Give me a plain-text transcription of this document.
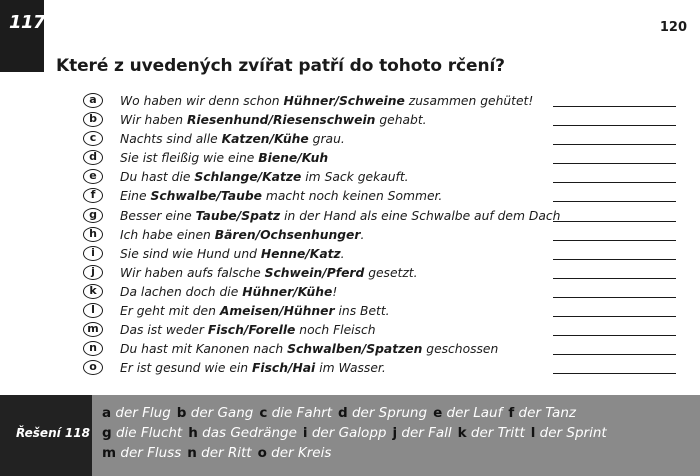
117	120
Které z uvedených zvířat patří do tohoto rčení?
a	Wo haben wir denn schon Hühner/Schweine zusammen gehütet!
b	Wir haben Riesenhund/Riesenschwein gehabt.
c	Nachts sind alle Katzen/Kühe grau.
d	Sie ist fleißig wie eine Biene/Kuh
e	Du hast die Schlange/Katze im Sack gekauft.
f	Eine Schwalbe/Taube macht noch keinen Sommer.
g	Besser eine Taube/Spatz in der Hand als eine Schwalbe auf dem Dach
h	Ich habe einen Bären/Ochsenhunger.
i	Sie sind wie Hund und Henne/Katz.
j	Wir haben aufs falsche Schwein/Pferd gesetzt.
k	Da lachen doch die Hühner/Kühe!
l	Er geht mit den Ameisen/Hühner ins Bett.
m	Das ist weder Fisch/Forelle noch Fleisch
n	Du hast mit Kanonen nach Schwalben/Spatzen geschossen
o	Er ist gesund wie ein Fisch/Hai im Wasser.
Řešení 118
a der Flug b der Gang c die Fahrt d der Sprung e der Lauf f der Tanz
g die Flucht h das Gedränge i der Galopp j der Fall k der Tritt l der Sprint
m der Fluss n der Ritt o der Kreis
